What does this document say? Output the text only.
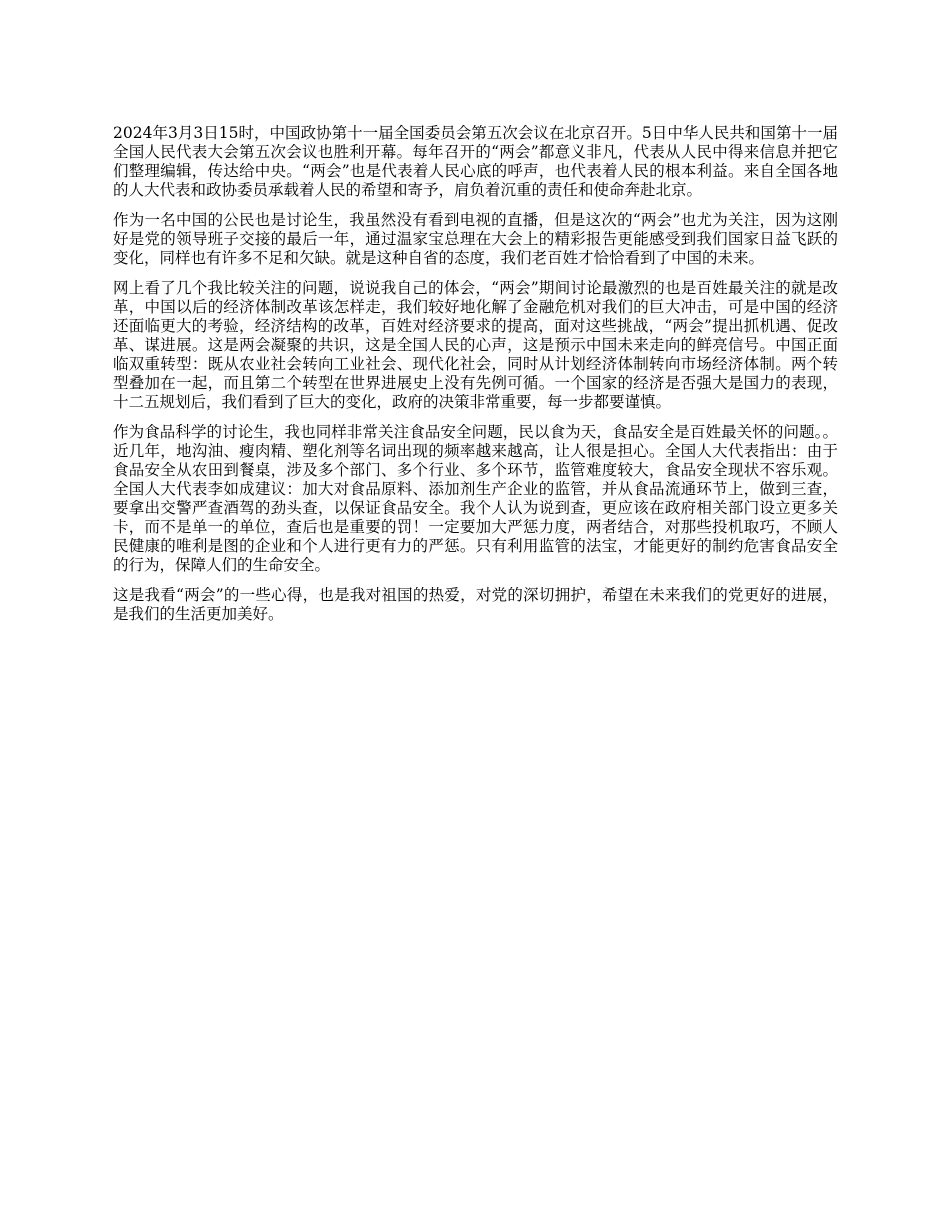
2024年3月3日15时，中国政协第十一届全国委员会第五次会议在北京召开。5日中华人民共和国第十一届全国人民代表大会第五次会议也胜利开幕。每年召开的“两会”都意义非凡，代表从人民中得来信息并把它们整理编辑，传达给中央。“两会”也是代表着人民心底的呼声，也代表着人民的根本利益。来自全国各地的人大代表和政协委员承载着人民的希望和寄予，肩负着沉重的责任和使命奔赴北京。

作为一名中国的公民也是讨论生，我虽然没有看到电视的直播，但是这次的“两会”也尤为关注，因为这刚好是党的领导班子交接的最后一年，通过温家宝总理在大会上的精彩报告更能感受到我们国家日益飞跃的变化，同样也有许多不足和欠缺。就是这种自省的态度，我们老百姓才恰恰看到了中国的未来。

网上看了几个我比较关注的问题，说说我自己的体会，“两会”期间讨论最激烈的也是百姓最关注的就是改革，中国以后的经济体制改革该怎样走，我们较好地化解了金融危机对我们的巨大冲击，可是中国的经济还面临更大的考验，经济结构的改革，百姓对经济要求的提高，面对这些挑战，“两会”提出抓机遇、促改革、谋进展。这是两会凝聚的共识，这是全国人民的心声，这是预示中国未来走向的鲜亮信号。中国正面临双重转型：既从农业社会转向工业社会、现代化社会，同时从计划经济体制转向市场经济体制。两个转型叠加在一起，而且第二个转型在世界进展史上没有先例可循。一个国家的经济是否强大是国力的表现，十二五规划后，我们看到了巨大的变化，政府的决策非常重要，每一步都要谨慎。

作为食品科学的讨论生，我也同样非常关注食品安全问题，民以食为天，食品安全是百姓最关怀的问题。。近几年，地沟油、瘦肉精、塑化剂等名词出现的频率越来越高，让人很是担心。全国人大代表指出：由于食品安全从农田到餐桌，涉及多个部门、多个行业、多个环节，监管难度较大，食品安全现状不容乐观。全国人大代表李如成建议：加大对食品原料、添加剂生产企业的监管，并从食品流通环节上，做到三查，要拿出交警严查酒驾的劲头查，以保证食品安全。我个人认为说到查，更应该在政府相关部门设立更多关卡，而不是单一的单位，查后也是重要的罚！一定要加大严惩力度，两者结合，对那些投机取巧，不顾人民健康的唯利是图的企业和个人进行更有力的严惩。只有利用监管的法宝，才能更好的制约危害食品安全的行为，保障人们的生命安全。

这是我看“两会”的一些心得，也是我对祖国的热爱，对党的深切拥护，希望在未来我们的党更好的进展，是我们的生活更加美好。
